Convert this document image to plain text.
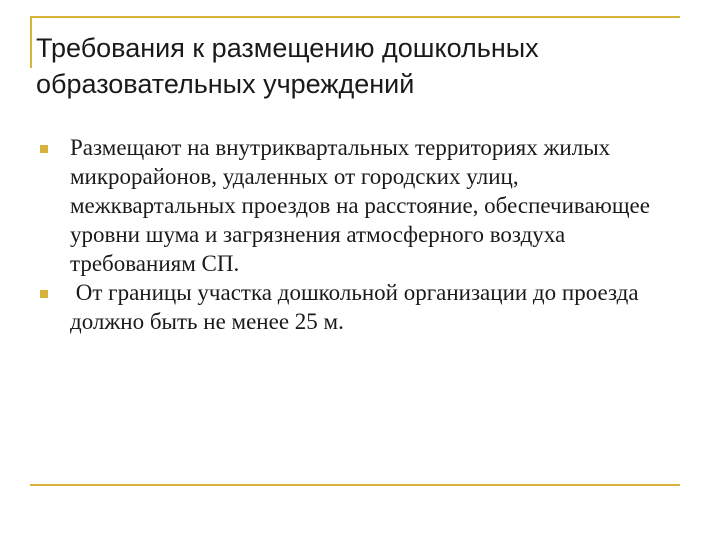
Требования к размещению дошкольных образовательных учреждений
Размещают на внутриквартальных территориях жилых микрорайонов, удаленных от городских улиц, межквартальных проездов на расстояние, обеспечивающее уровни шума и загрязнения атмосферного воздуха требованиям СП.
От границы участка дошкольной организации до проезда должно быть не менее 25 м.
